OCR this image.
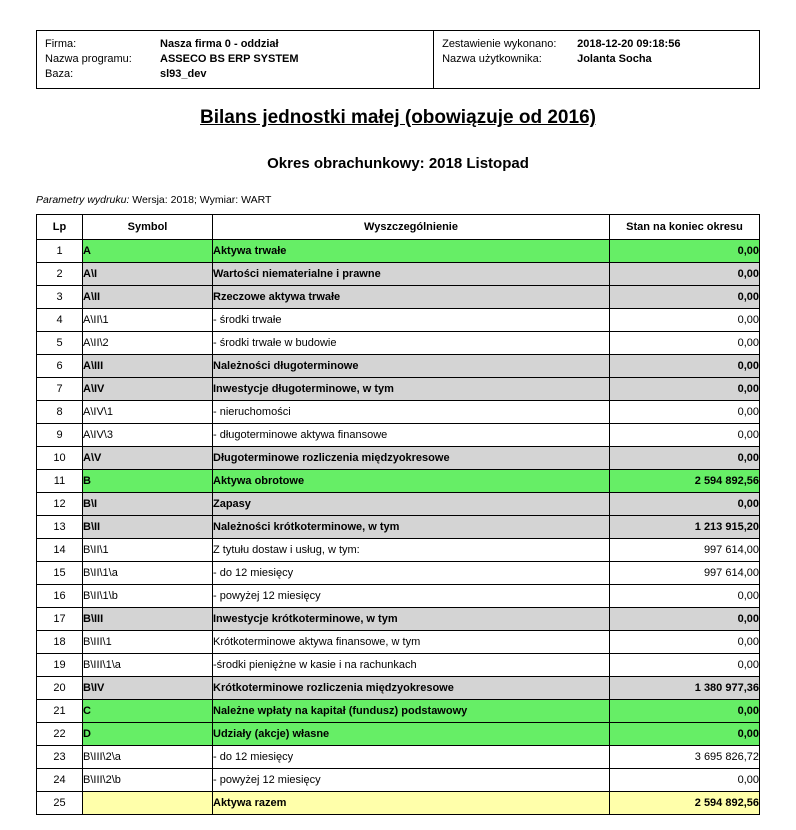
Firma:	Nasza firma 0 - oddział
Nazwa programu:	ASSECO BS ERP SYSTEM
Baza:	sl93_dev
Zestawienie wykonano:	2018-12-20 09:18:56
Nazwa użytkownika:	Jolanta Socha
Bilans jednostki małej (obowiązuje od 2016)
Okres obrachunkowy: 2018 Listopad
Parametry wydruku: Wersja: 2018; Wymiar: WART
Lp	Symbol	Wyszczególnienie	Stan na koniec okresu
1	A	Aktywa trwałe	0,00
2	A\I	Wartości niematerialne i prawne	0,00
3	A\II	Rzeczowe aktywa trwałe	0,00
4	A\II\1	- środki trwałe	0,00
5	A\II\2	- środki trwałe w budowie	0,00
6	A\III	Należności długoterminowe	0,00
7	A\IV	Inwestycje długoterminowe, w tym	0,00
8	A\IV\1	- nieruchomości	0,00
9	A\IV\3	- długoterminowe aktywa finansowe	0,00
10	A\V	Długoterminowe rozliczenia międzyokresowe	0,00
11	B	Aktywa obrotowe	2 594 892,56
12	B\I	Zapasy	0,00
13	B\II	Należności krótkoterminowe, w tym	1 213 915,20
14	B\II\1	Z tytułu dostaw i usług, w tym:	997 614,00
15	B\II\1\a	- do 12 miesięcy	997 614,00
16	B\II\1\b	- powyżej 12 miesięcy	0,00
17	B\III	Inwestycje krótkoterminowe, w tym	0,00
18	B\III\1	Krótkoterminowe aktywa finansowe, w tym	0,00
19	B\III\1\a	-środki pieniężne w kasie i na rachunkach	0,00
20	B\IV	Krótkoterminowe rozliczenia międzyokresowe	1 380 977,36
21	C	Należne wpłaty na kapitał (fundusz) podstawowy	0,00
22	D	Udziały (akcje) własne	0,00
23	B\III\2\a	- do 12 miesięcy	3 695 826,72
24	B\III\2\b	- powyżej 12 miesięcy	0,00
25		Aktywa razem	2 594 892,56
